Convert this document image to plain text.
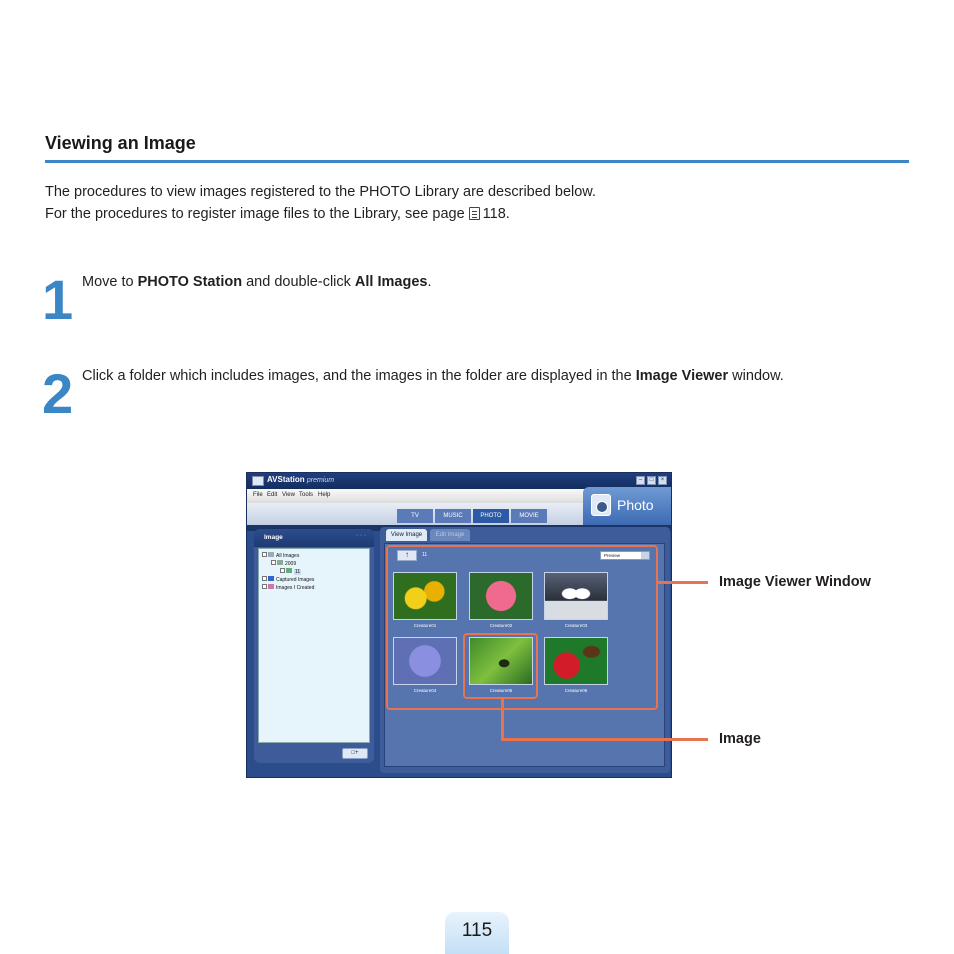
Viewing an Image
The procedures to view images registered to the PHOTO Library are described below.
For the procedures to register image files to the Library, see page 118.
1 Move to PHOTO Station and double-click All Images.
2 Click a folder which includes images, and the images in the folder are displayed in the Image Viewer window.
AVStation premium	–	□	×
File Edit View Tools Help
TV	MUSIC	PHOTO	MOVIE
Photo
Image	◦ ◦ ◦
All Images
2009
11
Captured Images
Images I Created
□+
View Image	Edit Image
↑	11	Preview
Creature01	Creature02	Creature03
Creature04	Creature05	Creature06
Image Viewer Window
Image
115
